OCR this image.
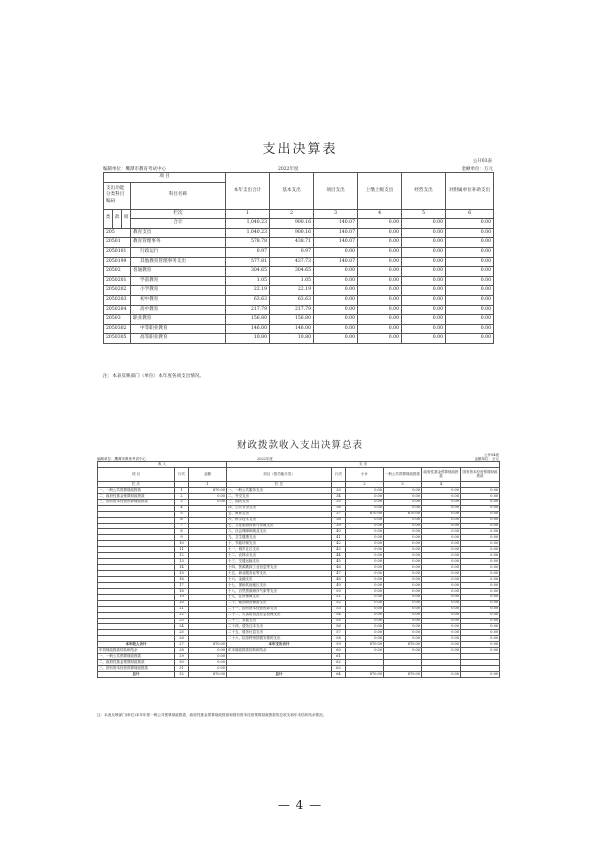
支出决算表
公开03表
编制单位：鹰潭市教育考试中心	2022年度	金额单位：万元
项 目				本年支出合计	基本支出	项目支出	上缴上级支出	经营支出	对附属单位补助支出
支出功能分类科目编码			科目名称						

类	款	项	栏次	1	2	3	4	5	6
			合计	1,040.23	900.16	140.07	0.00	0.00	0.00
205			教育支出	1,040.23	900.16	140.07	0.00	0.00	0.00
20501			教育管理事务	578.78	438.71	140.07	0.00	0.00	0.00
2050101			行政运行	0.97	0.97	0.00	0.00	0.00	0.00
2050199			其他教育管理事务支出	577.81	437.73	140.07	0.00	0.00	0.00
20502			普通教育	304.65	304.65	0.00	0.00	0.00	0.00
2050201			学前教育	1.05	1.05	0.00	0.00	0.00	0.00
2050202			小学教育	22.19	22.19	0.00	0.00	0.00	0.00
2050203			初中教育	63.63	63.63	0.00	0.00	0.00	0.00
2050204			高中教育	217.79	217.79	0.00	0.00	0.00	0.00
20503			职业教育	156.80	156.80	0.00	0.00	0.00	0.00
2050302			中等职业教育	146.00	146.00	0.00	0.00	0.00	0.00
2050305			高等职业教育	10.80	10.80	0.00	0.00	0.00	0.00
注：本表反映部门（单位）本年度各项支出情况。
财政拨款收入支出决算总表
公开04表
编制单位：鹰潭市教育考试中心	2022年度	金额单位：万元
收 入			支 出					
项 目	行次	金额	项目（按功能分类）	行次	小计	一般公共预算财政拨款	政府性基金预算财政拨款	国有资本经营预算财政拨款
栏 次		1	栏 次		2	3	4	
一、一般公共预算财政拨款	1	870.00	一、一般公共服务支出	33	0.00	0.00	0.00	0.00
二、政府性基金预算财政拨款	2	0.00	二、外交支出	34	0.00	0.00	0.00	0.00
三、国有资本经营预算财政拨款	3	0.00	三、国防支出	35	0.00	0.00	0.00	0.00
	4		四、公共安全支出	36	0.00	0.00	0.00	0.00
	5		五、教育支出	37	870.00	870.00	0.00	0.00
	6		六、科学技术支出	38	0.00	0.00	0.00	0.00
	7		七、文化旅游体育与传媒支出	39	0.00	0.00	0.00	0.00
	8		八、社会保障和就业支出	40	0.00	0.00	0.00	0.00
	9		九、卫生健康支出	41	0.00	0.00	0.00	0.00
	10		十、节能环保支出	42	0.00	0.00	0.00	0.00
	11		十一、城乡社区支出	43	0.00	0.00	0.00	0.00
	12		十二、农林水支出	44	0.00	0.00	0.00	0.00
	13		十三、交通运输支出	45	0.00	0.00	0.00	0.00
	14		十四、资源勘探工业信息等支出	46	0.00	0.00	0.00	0.00
	15		十五、商业服务业等支出	47	0.00	0.00	0.00	0.00
	16		十六、金融支出	48	0.00	0.00	0.00	0.00
	17		十七、援助其他地区支出	49	0.00	0.00	0.00	0.00
	18		十八、自然资源海洋气象等支出	50	0.00	0.00	0.00	0.00
	19		十九、住房保障支出	51	0.00	0.00	0.00	0.00
	20		二十、粮油物资储备支出	52	0.00	0.00	0.00	0.00
	21		二十一、国有资本经营预算支出	53	0.00	0.00	0.00	0.00
	22		二十二、灾害防治及应急管理支出	54	0.00	0.00	0.00	0.00
	23		二十三、其他支出	55	0.00	0.00	0.00	0.00
	24		二十四、债务还本支出	56	0.00	0.00	0.00	0.00
	25		二十五、债务付息支出	57	0.00	0.00	0.00	0.00
	26		二十六、抗疫特别国债安排的支出	58	0.00	0.00	0.00	0.00
本年收入合计	27	870.00	本年支出合计	59	870.00	870.00	0.00	0.00
年初财政拨款结转和结余	28	0.00	年末财政拨款结转和结余	60	0.00	0.00	0.00	0.00
一、一般公共预算财政拨款	29	0.00		61				
二、政府性基金预算财政拨款	30	0.00		62				
三、国有资本经营预算财政拨款	31	0.00		63				
总计	32	870.00	总计	64	870.00	870.00	0.00	0.00
注：本表反映部门(单位)本年年度一般公共预算财政拨款、政府性基金预算财政拨款和国有资本经营预算财政拨款的总收支和年末结转结余情况。
— 4 —
